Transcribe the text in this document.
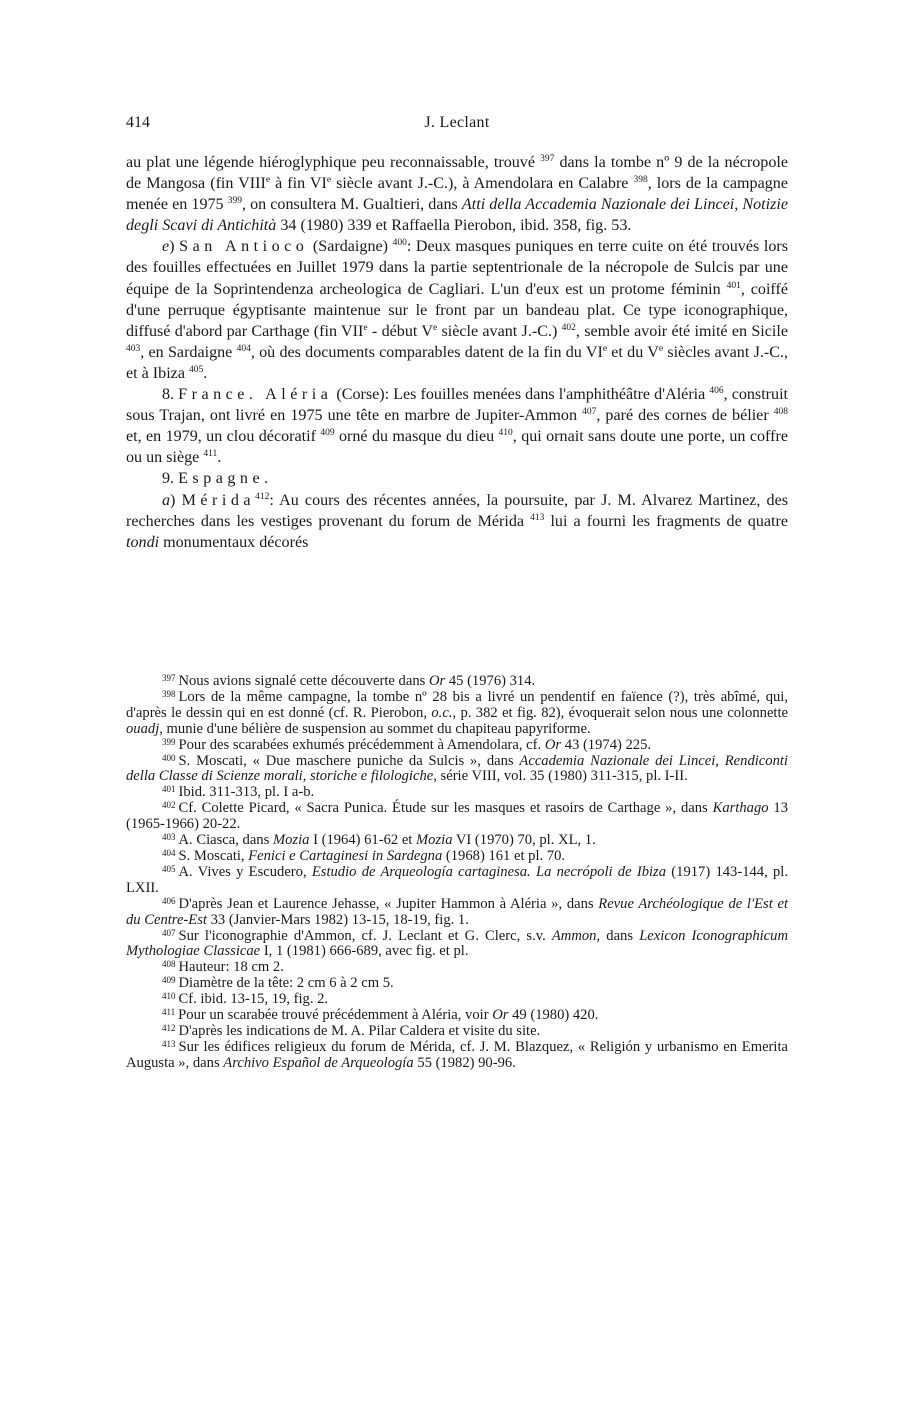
414	J. Leclant

au plat une légende hiéroglyphique peu reconnaissable, trouvé $^{397}$ dans la tombe nº 9 de la nécropole de Mangosa (fin VIIIe à fin VIe siècle avant J.-C.), à Amendolara en Calabre $^{398}$, lors de la campagne menée en 1975 $^{399}$, on consultera M. Gualtieri, dans Atti della Accademia Nazionale dei Lincei, Notizie degli Scavi di Antichità 34 (1980) 339 et Raffaella Pierobon, ibid. 358, fig. 53.

e) San Antioco (Sardaigne) $^{400}$: Deux masques puniques en terre cuite on été trouvés lors des fouilles effectuées en Juillet 1979 dans la partie septentrionale de la nécropole de Sulcis par une équipe de la Soprintendenza archeologica de Cagliari. L'un d'eux est un protome féminin $^{401}$, coiffé d'une perruque égyptisante maintenue sur le front par un bandeau plat. Ce type iconographique, diffusé d'abord par Carthage (fin VIIe - début Ve siècle avant J.-C.) $^{402}$, semble avoir été imité en Sicile $^{403}$, en Sardaigne $^{404}$, où des documents comparables datent de la fin du VIe et du Ve siècles avant J.-C., et à Ibiza $^{405}$.

8. France. Aléria (Corse): Les fouilles menées dans l'amphithéâtre d'Aléria $^{406}$, construit sous Trajan, ont livré en 1975 une tête en marbre de Jupiter-Ammon $^{407}$, paré des cornes de bélier $^{408}$ et, en 1979, un clou décoratif $^{409}$ orné du masque du dieu $^{410}$, qui ornait sans doute une porte, un coffre ou un siège $^{411}$.

9. Espagne.

a) Mérida$^{412}$: Au cours des récentes années, la poursuite, par J. M. Alvarez Martinez, des recherches dans les vestiges provenant du forum de Mérida $^{413}$ lui a fourni les fragments de quatre tondi monumentaux décorés

$^{397}$ Nous avions signalé cette découverte dans Or 45 (1976) 314.

$^{398}$ Lors de la même campagne, la tombe nº 28 bis a livré un pendentif en faïence (?), très abîmé, qui, d'après le dessin qui en est donné (cf. R. Pierobon, o.c., p. 382 et fig. 82), évoquerait selon nous une colonnette ouadj, munie d'une bélière de suspension au sommet du chapiteau papyriforme.

$^{399}$ Pour des scarabées exhumés précédemment à Amendolara, cf. Or 43 (1974) 225.

$^{400}$ S. Moscati, « Due maschere puniche da Sulcis », dans Accademia Nazionale dei Lincei, Rendiconti della Classe di Scienze morali, storiche e filologiche, série VIII, vol. 35 (1980) 311-315, pl. I-II.

$^{401}$ Ibid. 311-313, pl. I a-b.

$^{402}$ Cf. Colette Picard, « Sacra Punica. Étude sur les masques et rasoirs de Carthage », dans Karthago 13 (1965-1966) 20-22.

$^{403}$ A. Ciasca, dans Mozia I (1964) 61-62 et Mozia VI (1970) 70, pl. XL, 1.

$^{404}$ S. Moscati, Fenici e Cartaginesi in Sardegna (1968) 161 et pl. 70.

$^{405}$ A. Vives y Escudero, Estudio de Arqueología cartaginesa. La necrópoli de Ibiza (1917) 143-144, pl. LXII.

$^{406}$ D'après Jean et Laurence Jehasse, « Jupiter Hammon à Aléria », dans Revue Archéologique de l'Est et du Centre-Est 33 (Janvier-Mars 1982) 13-15, 18-19, fig. 1.

$^{407}$ Sur l'iconographie d'Ammon, cf. J. Leclant et G. Clerc, s.v. Ammon, dans Lexicon Iconographicum Mythologiae Classicae I, 1 (1981) 666-689, avec fig. et pl.

$^{408}$ Hauteur: 18 cm 2.

$^{409}$ Diamètre de la tête: 2 cm 6 à 2 cm 5.

$^{410}$ Cf. ibid. 13-15, 19, fig. 2.

$^{411}$ Pour un scarabée trouvé précédemment à Aléria, voir Or 49 (1980) 420.

$^{412}$ D'après les indications de M. A. Pilar Caldera et visite du site.

$^{413}$ Sur les édifices religieux du forum de Mérida, cf. J. M. Blazquez, « Religión y urbanismo en Emerita Augusta », dans Archivo Español de Arqueología 55 (1982) 90-96.
